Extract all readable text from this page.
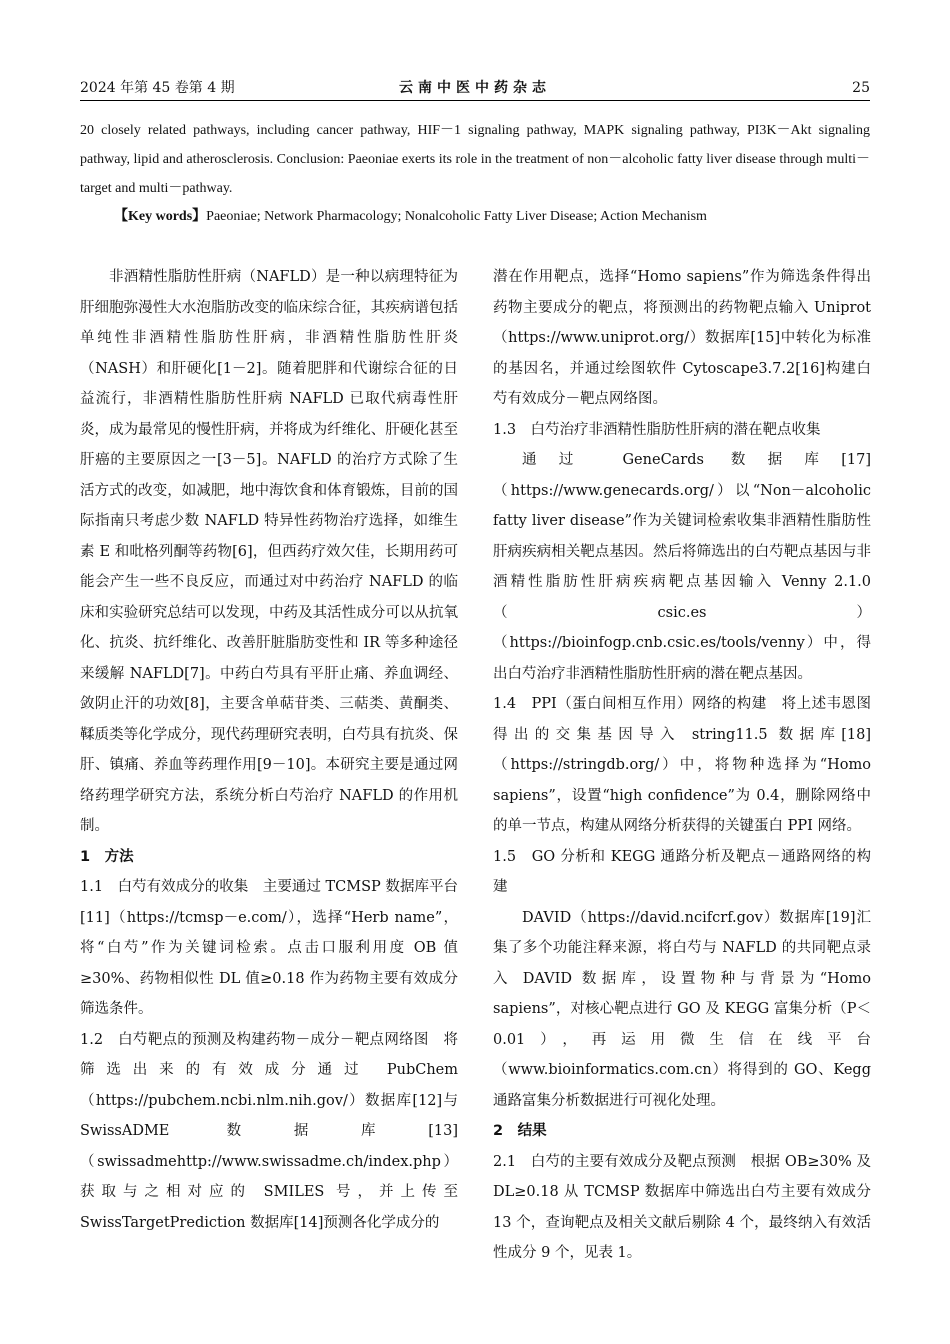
2024 年第 45 卷第 4 期	云南中医中药杂志	25

20 closely related pathways, including cancer pathway, HIF－1 signaling pathway, MAPK signaling pathway, PI3K－Akt signaling pathway, lipid and atherosclerosis. Conclusion: Paeoniae exerts its role in the treatment of non－alcoholic fatty liver disease through multi－target and multi－pathway.

【Key words】Paeoniae; Network Pharmacology; Nonalcoholic Fatty Liver Disease; Action Mechanism

非酒精性脂肪性肝病（NAFLD）是一种以病理特征为肝细胞弥漫性大水泡脂肪改变的临床综合征，其疾病谱包括单纯性非酒精性脂肪性肝病，非酒精性脂肪性肝炎（NASH）和肝硬化[1－2]。随着肥胖和代谢综合征的日益流行，非酒精性脂肪性肝病 NAFLD 已取代病毒性肝炎，成为最常见的慢性肝病，并将成为纤维化、肝硬化甚至肝癌的主要原因之一[3－5]。NAFLD 的治疗方式除了生活方式的改变，如减肥，地中海饮食和体育锻炼，目前的国际指南只考虑少数 NAFLD 特异性药物治疗选择，如维生素 E 和吡格列酮等药物[6]，但西药疗效欠佳，长期用药可能会产生一些不良反应，而通过对中药治疗 NAFLD 的临床和实验研究总结可以发现，中药及其活性成分可以从抗氧化、抗炎、抗纤维化、改善肝脏脂肪变性和 IR 等多种途径来缓解 NAFLD[7]。中药白芍具有平肝止痛、养血调经、敛阴止汗的功效[8]，主要含单萜苷类、三萜类、黄酮类、鞣质类等化学成分，现代药理研究表明，白芍具有抗炎、保肝、镇痛、养血等药理作用[9－10]。本研究主要是通过网络药理学研究方法，系统分析白芍治疗 NAFLD 的作用机制。

1　方法

1.1　白芍有效成分的收集　 主要通过 TCMSP 数据库平台[11]（https://tcmsp－e.com/），选择“Herb name”，将“白芍”作为关键词检索。点击口服利用度 OB 值≥30%、药物相似性 DL 值≥0.18 作为药物主要有效成分筛选条件。

1.2　白芍靶点的预测及构建药物－成分－靶点网络图　 将筛选出来的有效成分通过 PubChem（https://pubchem.ncbi.nlm.nih.gov/）数据库[12]与 SwissADME 数据库[13]（swissadmehttp://www.swissadme.ch/index.php）获取与之相对应的 SMILES 号，并上传至 SwissTargetPrediction 数据库[14]预测各化学成分的

潜在作用靶点，选择“Homo sapiens”作为筛选条件得出药物主要成分的靶点，将预测出的药物靶点输入 Uniprot（https://www.uniprot.org/）数据库[15]中转化为标准的基因名，并通过绘图软件 Cytoscape3.7.2[16]构建白芍有效成分－靶点网络图。

1.3　白芍治疗非酒精性脂肪性肝病的潜在靶点收集

通过 GeneCards 数据库[17]（https://www.genecards.org/）以“Non－alcoholic fatty liver disease”作为关键词检索收集非酒精性脂肪性肝病疾病相关靶点基因。然后将筛选出的白芍靶点基因与非酒精性脂肪性肝病疾病靶点基因输入 Venny 2.1.0（csic.es）（https://bioinfogp.cnb.csic.es/tools/venny）中，得出白芍治疗非酒精性脂肪性肝病的潜在靶点基因。

1.4　PPI（蛋白间相互作用）网络的构建　 将上述韦恩图得出的交集基因导入 string11.5 数据库[18]（https://stringdb.org/）中，将物种选择为“Homo sapiens”，设置“high confidence”为 0.4，删除网络中的单一节点，构建从网络分析获得的关键蛋白 PPI 网络。

1.5　GO 分析和 KEGG 通路分析及靶点－通路网络的构建

DAVID（https://david.ncifcrf.gov）数据库[19]汇集了多个功能注释来源，将白芍与 NAFLD 的共同靶点录入 DAVID 数据库，设置物种与背景为“Homo sapiens”，对核心靶点进行 GO 及 KEGG 富集分析（P＜0.01），再运用微生信在线平台（www.bioinformatics.com.cn）将得到的 GO、Kegg 通路富集分析数据进行可视化处理。

2　结果

2.1　白芍的主要有效成分及靶点预测　 根据 OB≥30% 及 DL≥0.18 从 TCMSP 数据库中筛选出白芍主要有效成分 13 个，查询靶点及相关文献后剔除 4 个，最终纳入有效活性成分 9 个，见表 1。
